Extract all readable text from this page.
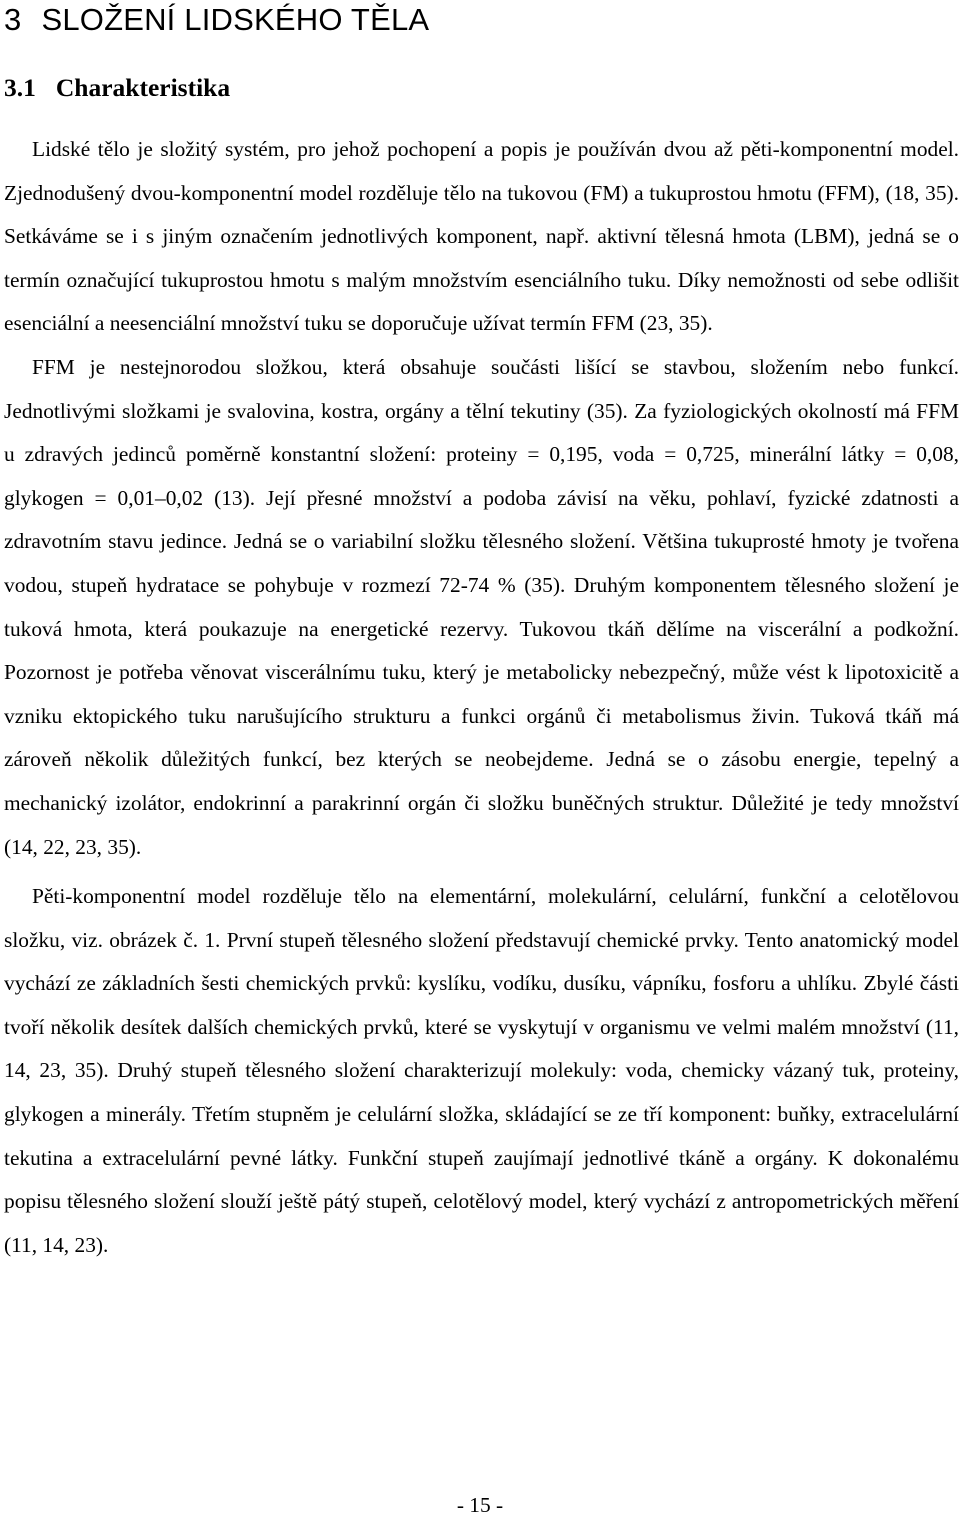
3 SLOŽENÍ LIDSKÉHO TĚLA
3.1 Charakteristika

Lidské tělo je složitý systém, pro jehož pochopení a popis je používán dvou až pěti-komponentní model. Zjednodušený dvou-komponentní model rozděluje tělo na tukovou (FM) a tukuprostou hmotu (FFM), (18, 35). Setkáváme se i s jiným označením jednotlivých komponent, např. aktivní tělesná hmota (LBM), jedná se o termín označující tukuprostou hmotu s malým množstvím esenciálního tuku. Díky nemožnosti od sebe odlišit esenciální a neesenciální množství tuku se doporučuje užívat termín FFM (23, 35).

FFM je nestejnorodou složkou, která obsahuje součásti lišící se stavbou, složením nebo funkcí. Jednotlivými složkami je svalovina, kostra, orgány a tělní tekutiny (35). Za fyziologických okolností má FFM u zdravých jedinců poměrně konstantní složení: proteiny = 0,195, voda = 0,725, minerální látky = 0,08, glykogen = 0,01–0,02 (13). Její přesné množství a podoba závisí na věku, pohlaví, fyzické zdatnosti a zdravotním stavu jedince. Jedná se o variabilní složku tělesného složení. Většina tukuprosté hmoty je tvořena vodou, stupeň hydratace se pohybuje v rozmezí 72-74 % (35). Druhým komponentem tělesného složení je tuková hmota, která poukazuje na energetické rezervy. Tukovou tkáň dělíme na viscerální a podkožní. Pozornost je potřeba věnovat viscerálnímu tuku, který je metabolicky nebezpečný, může vést k lipotoxicitě a vzniku ektopického tuku narušujícího strukturu a funkci orgánů či metabolismus živin. Tuková tkáň má zároveň několik důležitých funkcí, bez kterých se neobejdeme. Jedná se o zásobu energie, tepelný a mechanický izolátor, endokrinní a parakrinní orgán či složku buněčných struktur. Důležité je tedy množství (14, 22, 23, 35).

Pěti-komponentní model rozděluje tělo na elementární, molekulární, celulární, funkční a celotělovou složku, viz. obrázek č. 1. První stupeň tělesného složení představují chemické prvky. Tento anatomický model vychází ze základních šesti chemických prvků: kyslíku, vodíku, dusíku, vápníku, fosforu a uhlíku. Zbylé části tvoří několik desítek dalších chemických prvků, které se vyskytují v organismu ve velmi malém množství (11, 14, 23, 35). Druhý stupeň tělesného složení charakterizují molekuly: voda, chemicky vázaný tuk, proteiny, glykogen a minerály. Třetím stupněm je celulární složka, skládající se ze tří komponent: buňky, extracelulární tekutina a extracelulární pevné látky. Funkční stupeň zaujímají jednotlivé tkáně a orgány. K dokonalému popisu tělesného složení slouží ještě pátý stupeň, celotělový model, který vychází z antropometrických měření (11, 14, 23).

- 15 -
